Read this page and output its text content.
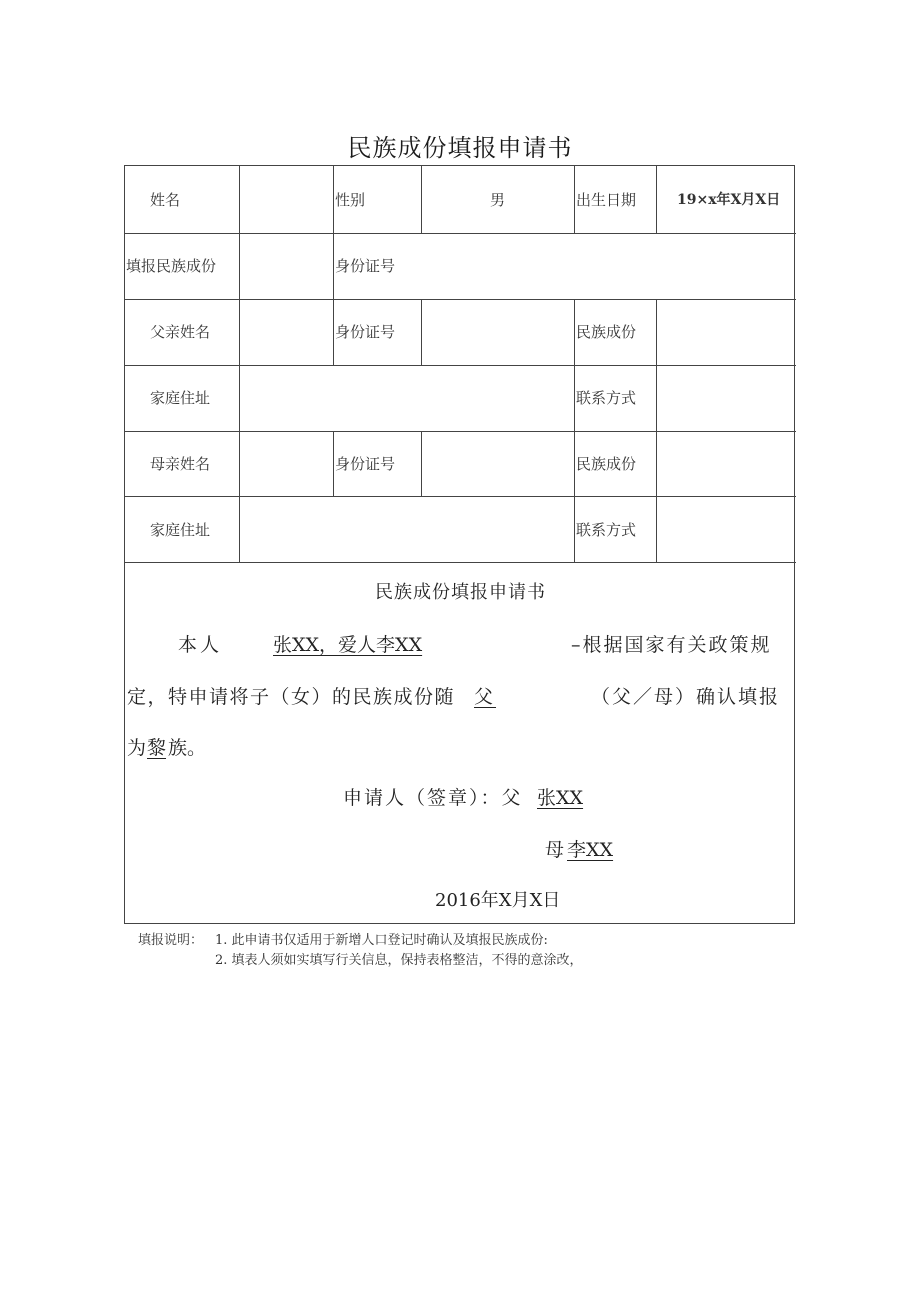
民族成份填报申请书
姓名	性别	男	出生日期	19×x年X月X日
填报民族成份	身份证号
父亲姓名	身份证号	民族成份
家庭住址	联系方式
母亲姓名	身份证号	民族成份
家庭住址	联系方式
民族成份填报申请书
本人	张XX，爱人李XX	–根据国家有关政策规
定，特申请将子（女）的民族成份随 父	（父／母）确认填报
为 黎 族。
申请人（签章）：父 张XX
母 李XX
2016年X月X日
填报说明： 1. 此申请书仅适用于新增人口登记时确认及填报民族成份:
2. 填表人须如实填写行关信息，保持表格整洁，不得的意涂改，
